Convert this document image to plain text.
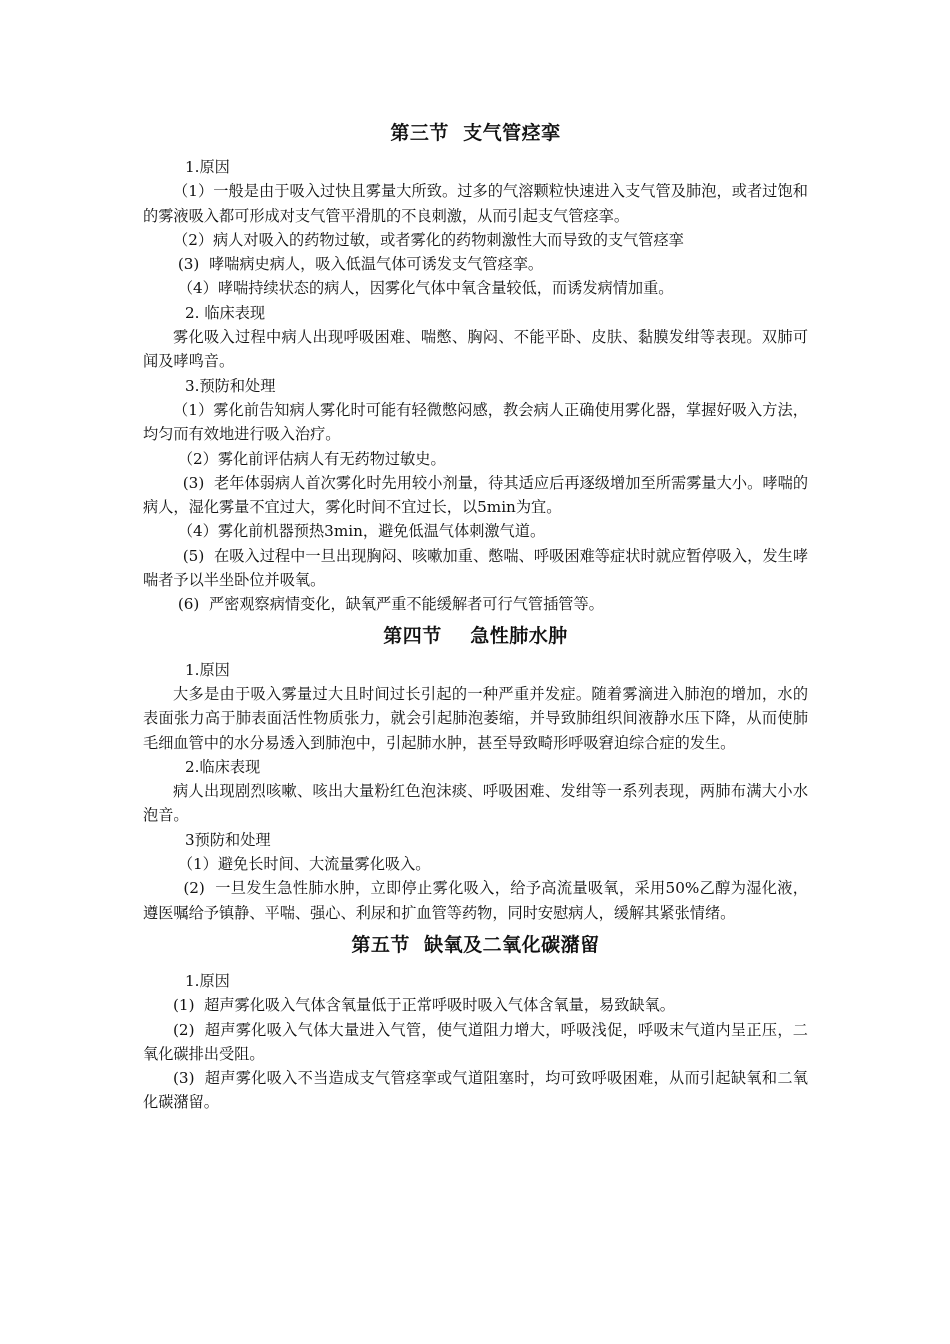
第三节  支气管痉挛

1.原因

（1）一般是由于吸入过快且雾量大所致。过多的气溶颗粒快速进入支气管及肺泡，或者过饱和的雾液吸入都可形成对支气管平滑肌的不良刺激，从而引起支气管痉挛。

（2）病人对吸入的药物过敏，或者雾化的药物刺激性大而导致的支气管痉挛

(3)  哮喘病史病人，吸入低温气体可诱发支气管痉挛。

（4）哮喘持续状态的病人，因雾化气体中氧含量较低，而诱发病情加重。

2. 临床表现

雾化吸入过程中病人出现呼吸困难、喘憋、胸闷、不能平卧、皮肤、黏膜发绀等表现。双肺可闻及哮鸣音。

3.预防和处理

（1）雾化前告知病人雾化时可能有轻微憋闷感，教会病人正确使用雾化器，掌握好吸入方法，均匀而有效地进行吸入治疗。

（2）雾化前评估病人有无药物过敏史。

(3)  老年体弱病人首次雾化时先用较小剂量，待其适应后再逐级增加至所需雾量大小。哮喘的病人，湿化雾量不宜过大，雾化时间不宜过长，以5min为宜。

（4）雾化前机器预热3min，避免低温气体刺激气道。

(5)  在吸入过程中一旦出现胸闷、咳嗽加重、憋喘、呼吸困难等症状时就应暂停吸入，发生哮喘者予以半坐卧位并吸氧。

(6)  严密观察病情变化，缺氧严重不能缓解者可行气管插管等。

第四节    急性肺水肿

1.原因

大多是由于吸入雾量过大且时间过长引起的一种严重并发症。随着雾滴进入肺泡的增加，水的表面张力高于肺表面活性物质张力，就会引起肺泡萎缩，并导致肺组织间液静水压下降，从而使肺毛细血管中的水分易透入到肺泡中，引起肺水肿，甚至导致畸形呼吸窘迫综合症的发生。

2.临床表现

病人出现剧烈咳嗽、咳出大量粉红色泡沫痰、呼吸困难、发绀等一系列表现，两肺布满大小水泡音。

3预防和处理

（1）避免长时间、大流量雾化吸入。

(2)  一旦发生急性肺水肿，立即停止雾化吸入，给予高流量吸氧，采用50%乙醇为湿化液，遵医嘱给予镇静、平喘、强心、利尿和扩血管等药物，同时安慰病人，缓解其紧张情绪。

第五节  缺氧及二氧化碳潴留

1.原因

(1)  超声雾化吸入气体含氧量低于正常呼吸时吸入气体含氧量，易致缺氧。

(2)  超声雾化吸入气体大量进入气管，使气道阻力增大，呼吸浅促，呼吸末气道内呈正压，二氧化碳排出受阻。

(3)  超声雾化吸入不当造成支气管痉挛或气道阻塞时，均可致呼吸困难，从而引起缺氧和二氧化碳潴留。
